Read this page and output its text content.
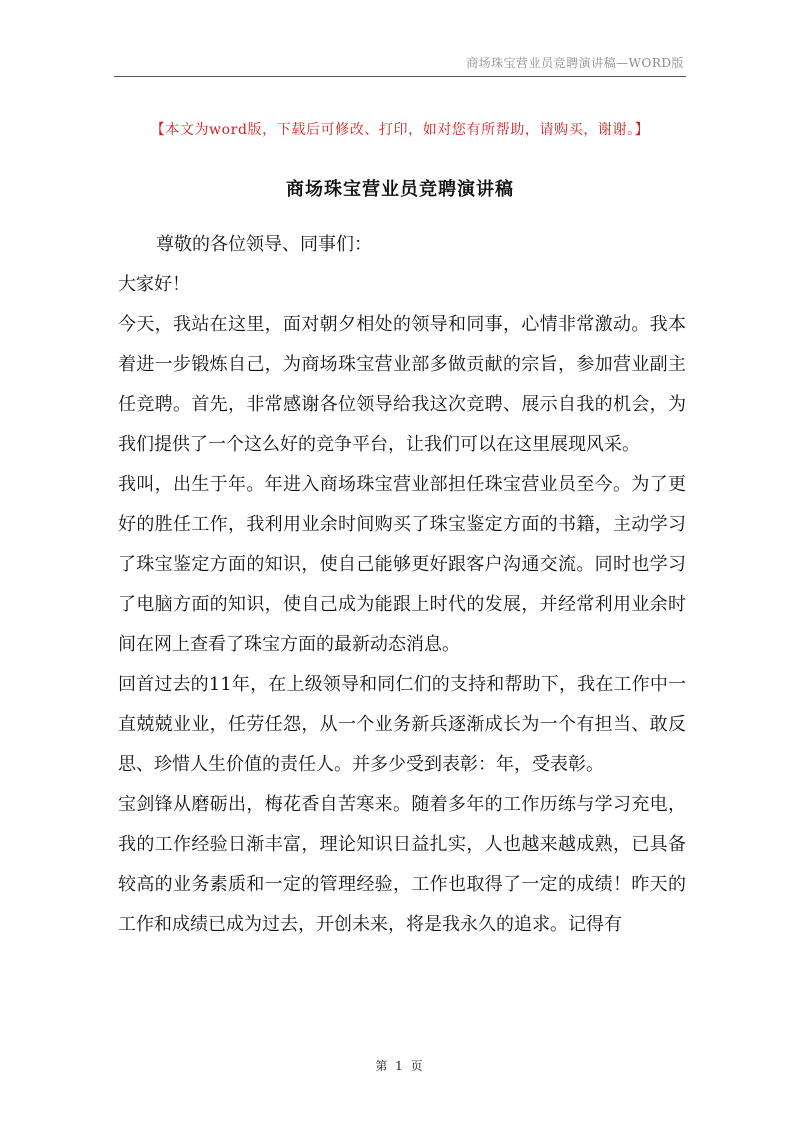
商场珠宝营业员竞聘演讲稿—WORD版
【本文为word版，下载后可修改、打印，如对您有所帮助，请购买，谢谢。】
商场珠宝营业员竞聘演讲稿

尊敬的各位领导、同事们：

大家好！

今天，我站在这里，面对朝夕相处的领导和同事，心情非常激动。我本着进一步锻炼自己，为商场珠宝营业部多做贡献的宗旨，参加营业副主任竞聘。首先，非常感谢各位领导给我这次竞聘、展示自我的机会，为我们提供了一个这么好的竞争平台，让我们可以在这里展现风采。

我叫，出生于年。年进入商场珠宝营业部担任珠宝营业员至今。为了更好的胜任工作，我利用业余时间购买了珠宝鉴定方面的书籍，主动学习了珠宝鉴定方面的知识，使自己能够更好跟客户沟通交流。同时也学习了电脑方面的知识，使自己成为能跟上时代的发展，并经常利用业余时间在网上查看了珠宝方面的最新动态消息。

回首过去的11年，在上级领导和同仁们的支持和帮助下，我在工作中一直兢兢业业，任劳任怨，从一个业务新兵逐渐成长为一个有担当、敢反思、珍惜人生价值的责任人。并多少受到表彰：年，受表彰。

宝剑锋从磨砺出，梅花香自苦寒来。随着多年的工作历练与学习充电，我的工作经验日渐丰富，理论知识日益扎实，人也越来越成熟，已具备较高的业务素质和一定的管理经验，工作也取得了一定的成绩！昨天的工作和成绩已成为过去，开创未来，将是我永久的追求。记得有

第 1 页
